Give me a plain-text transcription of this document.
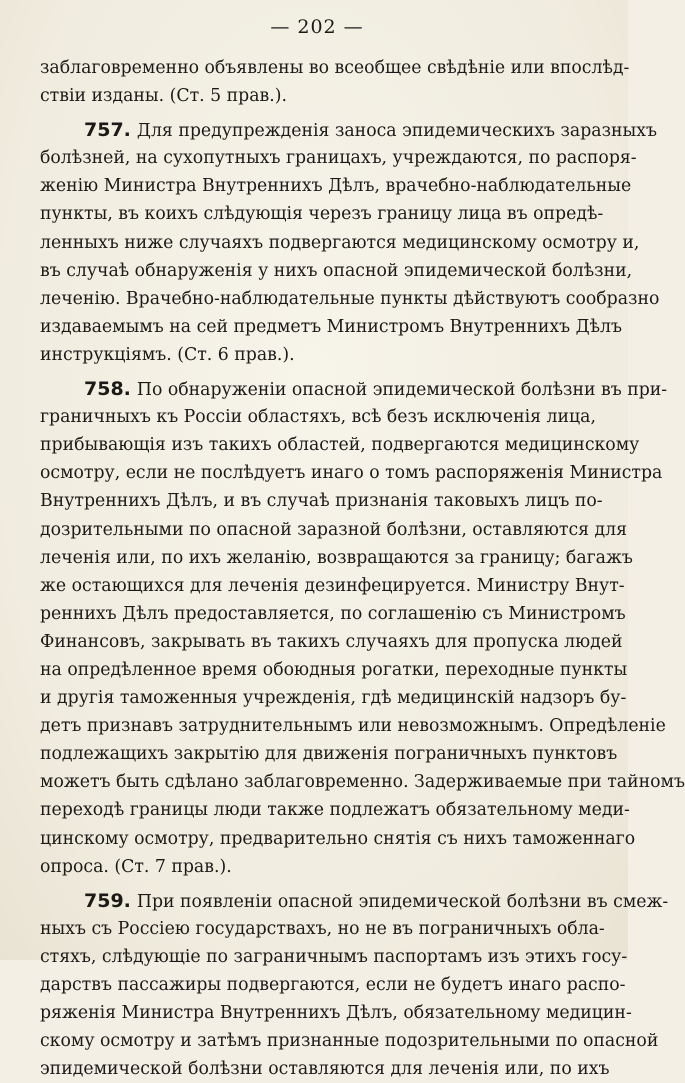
— 202 —
заблаговременно объявлены во всеобщее свѣдѣніе или впослѣд-
ствіи изданы. (Ст. 5 прав.).
757. Для предупрежденія заноса эпидемическихъ заразныхъ
болѣзней, на сухопутныхъ границахъ, учреждаются, по распоря-
женію Министра Внутреннихъ Дѣлъ, врачебно-наблюдательные
пункты, въ коихъ слѣдующія черезъ границу лица въ опредѣ-
ленныхъ ниже случаяхъ подвергаются медицинскому осмотру и,
въ случаѣ обнаруженія у нихъ опасной эпидемической болѣзни,
леченію. Врачебно-наблюдательные пункты дѣйствуютъ сообразно
издаваемымъ на сей предметъ Министромъ Внутреннихъ Дѣлъ
инструкціямъ. (Ст. 6 прав.).
758. По обнаруженіи опасной эпидемической болѣзни въ при-
граничныхъ къ Россіи областяхъ, всѣ безъ исключенія лица,
прибывающія изъ такихъ областей, подвергаются медицинскому
осмотру, если не послѣдуетъ инаго о томъ распоряженія Министра
Внутреннихъ Дѣлъ, и въ случаѣ признанія таковыхъ лицъ по-
дозрительными по опасной заразной болѣзни, оставляются для
леченія или, по ихъ желанію, возвращаются за границу; багажъ
же остающихся для леченія дезинфецируется. Министру Внут-
реннихъ Дѣлъ предоставляется, по соглашенію съ Министромъ
Финансовъ, закрывать въ такихъ случаяхъ для пропуска людей
на опредѣленное время обоюдныя рогатки, переходные пункты
и другія таможенныя учрежденія, гдѣ медицинскій надзоръ бу-
детъ признавъ затруднительнымъ или невозможнымъ. Опредѣленіе
подлежащихъ закрытію для движенія пограничныхъ пунктовъ
можетъ быть сдѣлано заблаговременно. Задерживаемые при тайномъ
переходѣ границы люди также подлежатъ обязательному меди-
цинскому осмотру, предварительно снятія съ нихъ таможеннаго
опроса. (Ст. 7 прав.).
759. При появленіи опасной эпидемической болѣзни въ смеж-
ныхъ съ Россіею государствахъ, но не въ пограничныхъ обла-
стяхъ, слѣдующіе по заграничнымъ паспортамъ изъ этихъ госу-
дарствъ пассажиры подвергаются, если не будетъ инаго распо-
ряженія Министра Внутреннихъ Дѣлъ, обязательному медицин-
скому осмотру и затѣмъ признанные подозрительными по опасной
эпидемической болѣзни оставляются для леченія или, по ихъ
